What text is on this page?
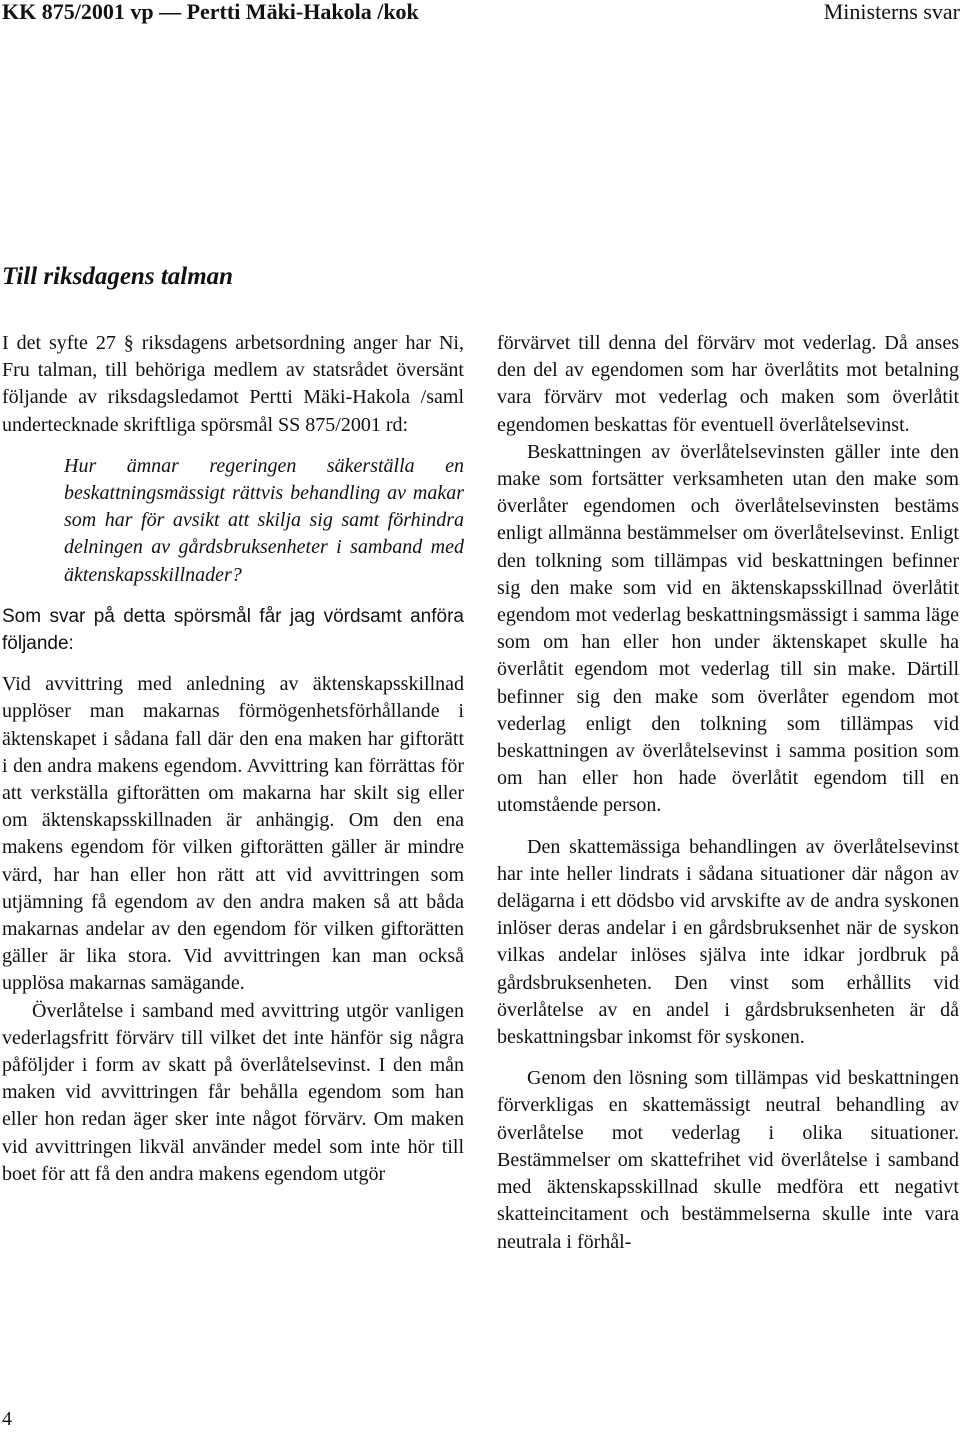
KK 875/2001 vp — Pertti Mäki-Hakola /kok	Ministerns svar
Till riksdagens talman

I det syfte 27 § riksdagens arbetsordning anger har Ni, Fru talman, till behöriga medlem av statsrådet översänt följande av riksdagsledamot Pertti Mäki-Hakola /saml undertecknade skriftliga spörsmål SS 875/2001 rd:

Hur ämnar regeringen säkerställa en beskattningsmässigt rättvis behandling av makar som har för avsikt att skilja sig samt förhindra delningen av gårdsbruksenheter i samband med äktenskapsskillnader?

Som svar på detta spörsmål får jag vördsamt anföra följande:

Vid avvittring med anledning av äktenskapsskillnad upplöser man makarnas förmögenhetsförhållande i äktenskapet i sådana fall där den ena maken har giftorätt i den andra makens egendom. Avvittring kan förrättas för att verkställa giftorätten om makarna har skilt sig eller om äktenskapsskillnaden är anhängig. Om den ena makens egendom för vilken giftorätten gäller är mindre värd, har han eller hon rätt att vid avvittringen som utjämning få egendom av den andra maken så att båda makarnas andelar av den egendom för vilken giftorätten gäller är lika stora. Vid avvittringen kan man också upplösa makarnas samägande.

Överlåtelse i samband med avvittring utgör vanligen vederlagsfritt förvärv till vilket det inte hänför sig några påföljder i form av skatt på överlåtelsevinst. I den mån maken vid avvittringen får behålla egendom som han eller hon redan äger sker inte något förvärv. Om maken vid avvittringen likväl använder medel som inte hör till boet för att få den andra makens egendom utgör

förvärvet till denna del förvärv mot vederlag. Då anses den del av egendomen som har överlåtits mot betalning vara förvärv mot vederlag och maken som överlåtit egendomen beskattas för eventuell överlåtelsevinst.

Beskattningen av överlåtelsevinsten gäller inte den make som fortsätter verksamheten utan den make som överlåter egendomen och överlåtelsevinsten bestäms enligt allmänna bestämmelser om överlåtelsevinst. Enligt den tolkning som tillämpas vid beskattningen befinner sig den make som vid en äktenskapsskillnad överlåtit egendom mot vederlag beskattningsmässigt i samma läge som om han eller hon under äktenskapet skulle ha överlåtit egendom mot vederlag till sin make. Därtill befinner sig den make som överlåter egendom mot vederlag enligt den tolkning som tillämpas vid beskattningen av överlåtelsevinst i samma position som om han eller hon hade överlåtit egendom till en utomstående person.

Den skattemässiga behandlingen av överlåtelsevinst har inte heller lindrats i sådana situationer där någon av delägarna i ett dödsbo vid arvskifte av de andra syskonen inlöser deras andelar i en gårdsbruksenhet när de syskon vilkas andelar inlöses själva inte idkar jordbruk på gårdsbruksenheten. Den vinst som erhållits vid överlåtelse av en andel i gårdsbruksenheten är då beskattningsbar inkomst för syskonen.

Genom den lösning som tillämpas vid beskattningen förverkligas en skattemässigt neutral behandling av överlåtelse mot vederlag i olika situationer. Bestämmelser om skattefrihet vid överlåtelse i samband med äktenskapsskillnad skulle medföra ett negativt skatteincitament och bestämmelserna skulle inte vara neutrala i förhål-

4
